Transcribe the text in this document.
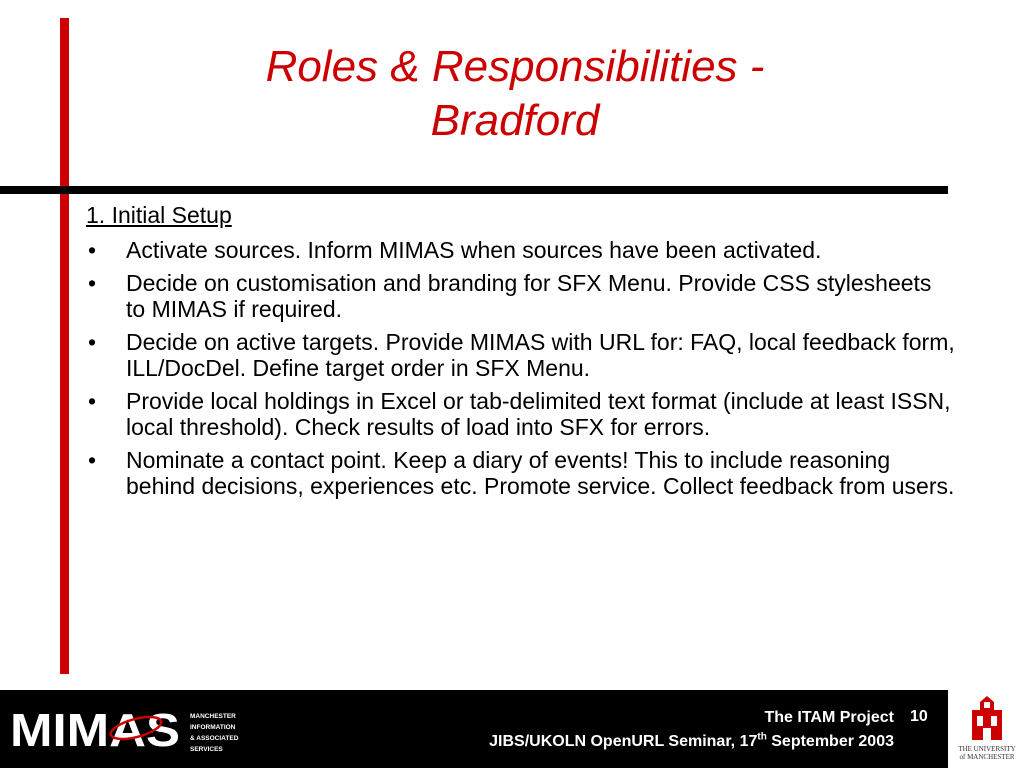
Roles & Responsibilities -
Bradford
1. Initial Setup
• Activate sources. Inform MIMAS when sources have been activated.
• Decide on customisation and branding for SFX Menu. Provide CSS stylesheets to MIMAS if required.
• Decide on active targets. Provide MIMAS with URL for: FAQ, local feedback form, ILL/DocDel. Define target order in SFX Menu.
• Provide local holdings in Excel or tab-delimited text format (include at least ISSN, local threshold). Check results of load into SFX for errors.
• Nominate a contact point. Keep a diary of events! This to include reasoning behind decisions, experiences etc. Promote service. Collect feedback from users.
MIMAS MANCHESTER
INFORMATION
& ASSOCIATED
SERVICES
The ITAM Project
JIBS/UKOLN OpenURL Seminar, 17th September 2003
10
THE UNIVERSITY
of MANCHESTER
